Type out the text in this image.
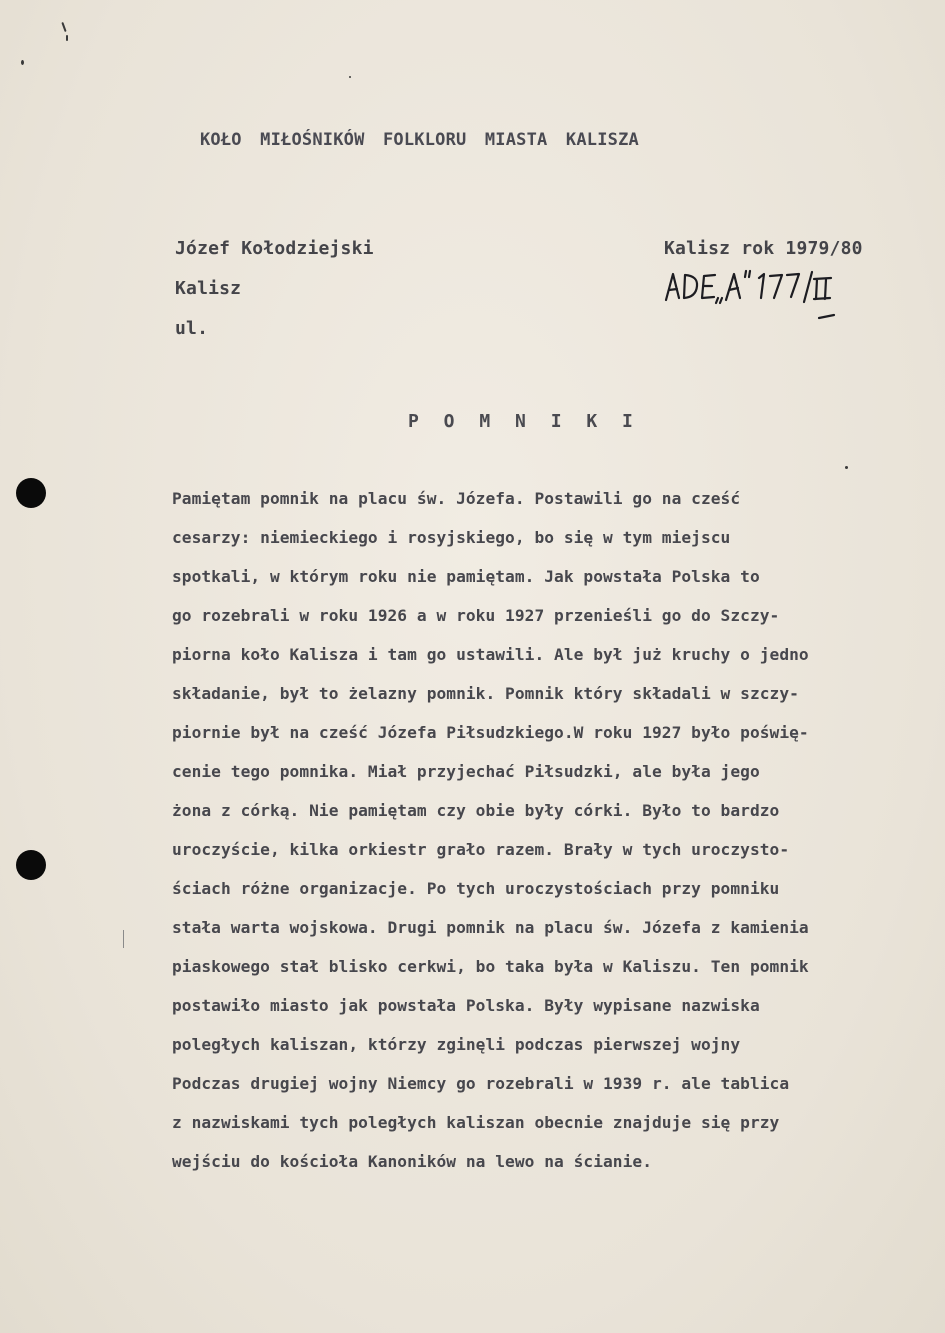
KOŁO MIŁOŚNIKÓW FOLKLORU MIASTA KALISZA
Józef Kołodziejski
Kalisz
ul.
Kalisz rok 1979/80
P O M N I K I
Pamiętam pomnik na placu św. Józefa. Postawili go na cześć
cesarzy: niemieckiego i rosyjskiego, bo się w tym miejscu
spotkali, w którym roku nie pamiętam. Jak powstała Polska to
go rozebrali w roku 1926 a w roku 1927 przenieśli go do Szczy-
piorna koło Kalisza i tam go ustawili. Ale był już kruchy o jedno
składanie, był to żelazny pomnik. Pomnik który składali w szczy-
piornie był na cześć Józefa Piłsudzkiego.W roku 1927 było poświę-
cenie tego pomnika. Miał przyjechać Piłsudzki, ale była jego
żona z córką. Nie pamiętam czy obie były córki. Było to bardzo
uroczyście, kilka orkiestr grało razem. Brały w tych uroczysto-
ściach różne organizacje. Po tych uroczystościach przy pomniku
stała warta wojskowa. Drugi pomnik na placu św. Józefa z kamienia
piaskowego stał blisko cerkwi, bo taka była w Kaliszu. Ten pomnik
postawiło miasto jak powstała Polska. Były wypisane nazwiska
poległych kaliszan, którzy zginęli podczas pierwszej wojny
Podczas drugiej wojny Niemcy go rozebrali w 1939 r. ale tablica
z nazwiskami tych poległych kaliszan obecnie znajduje się przy
wejściu do kościoła Kanoników na lewo na ścianie.
